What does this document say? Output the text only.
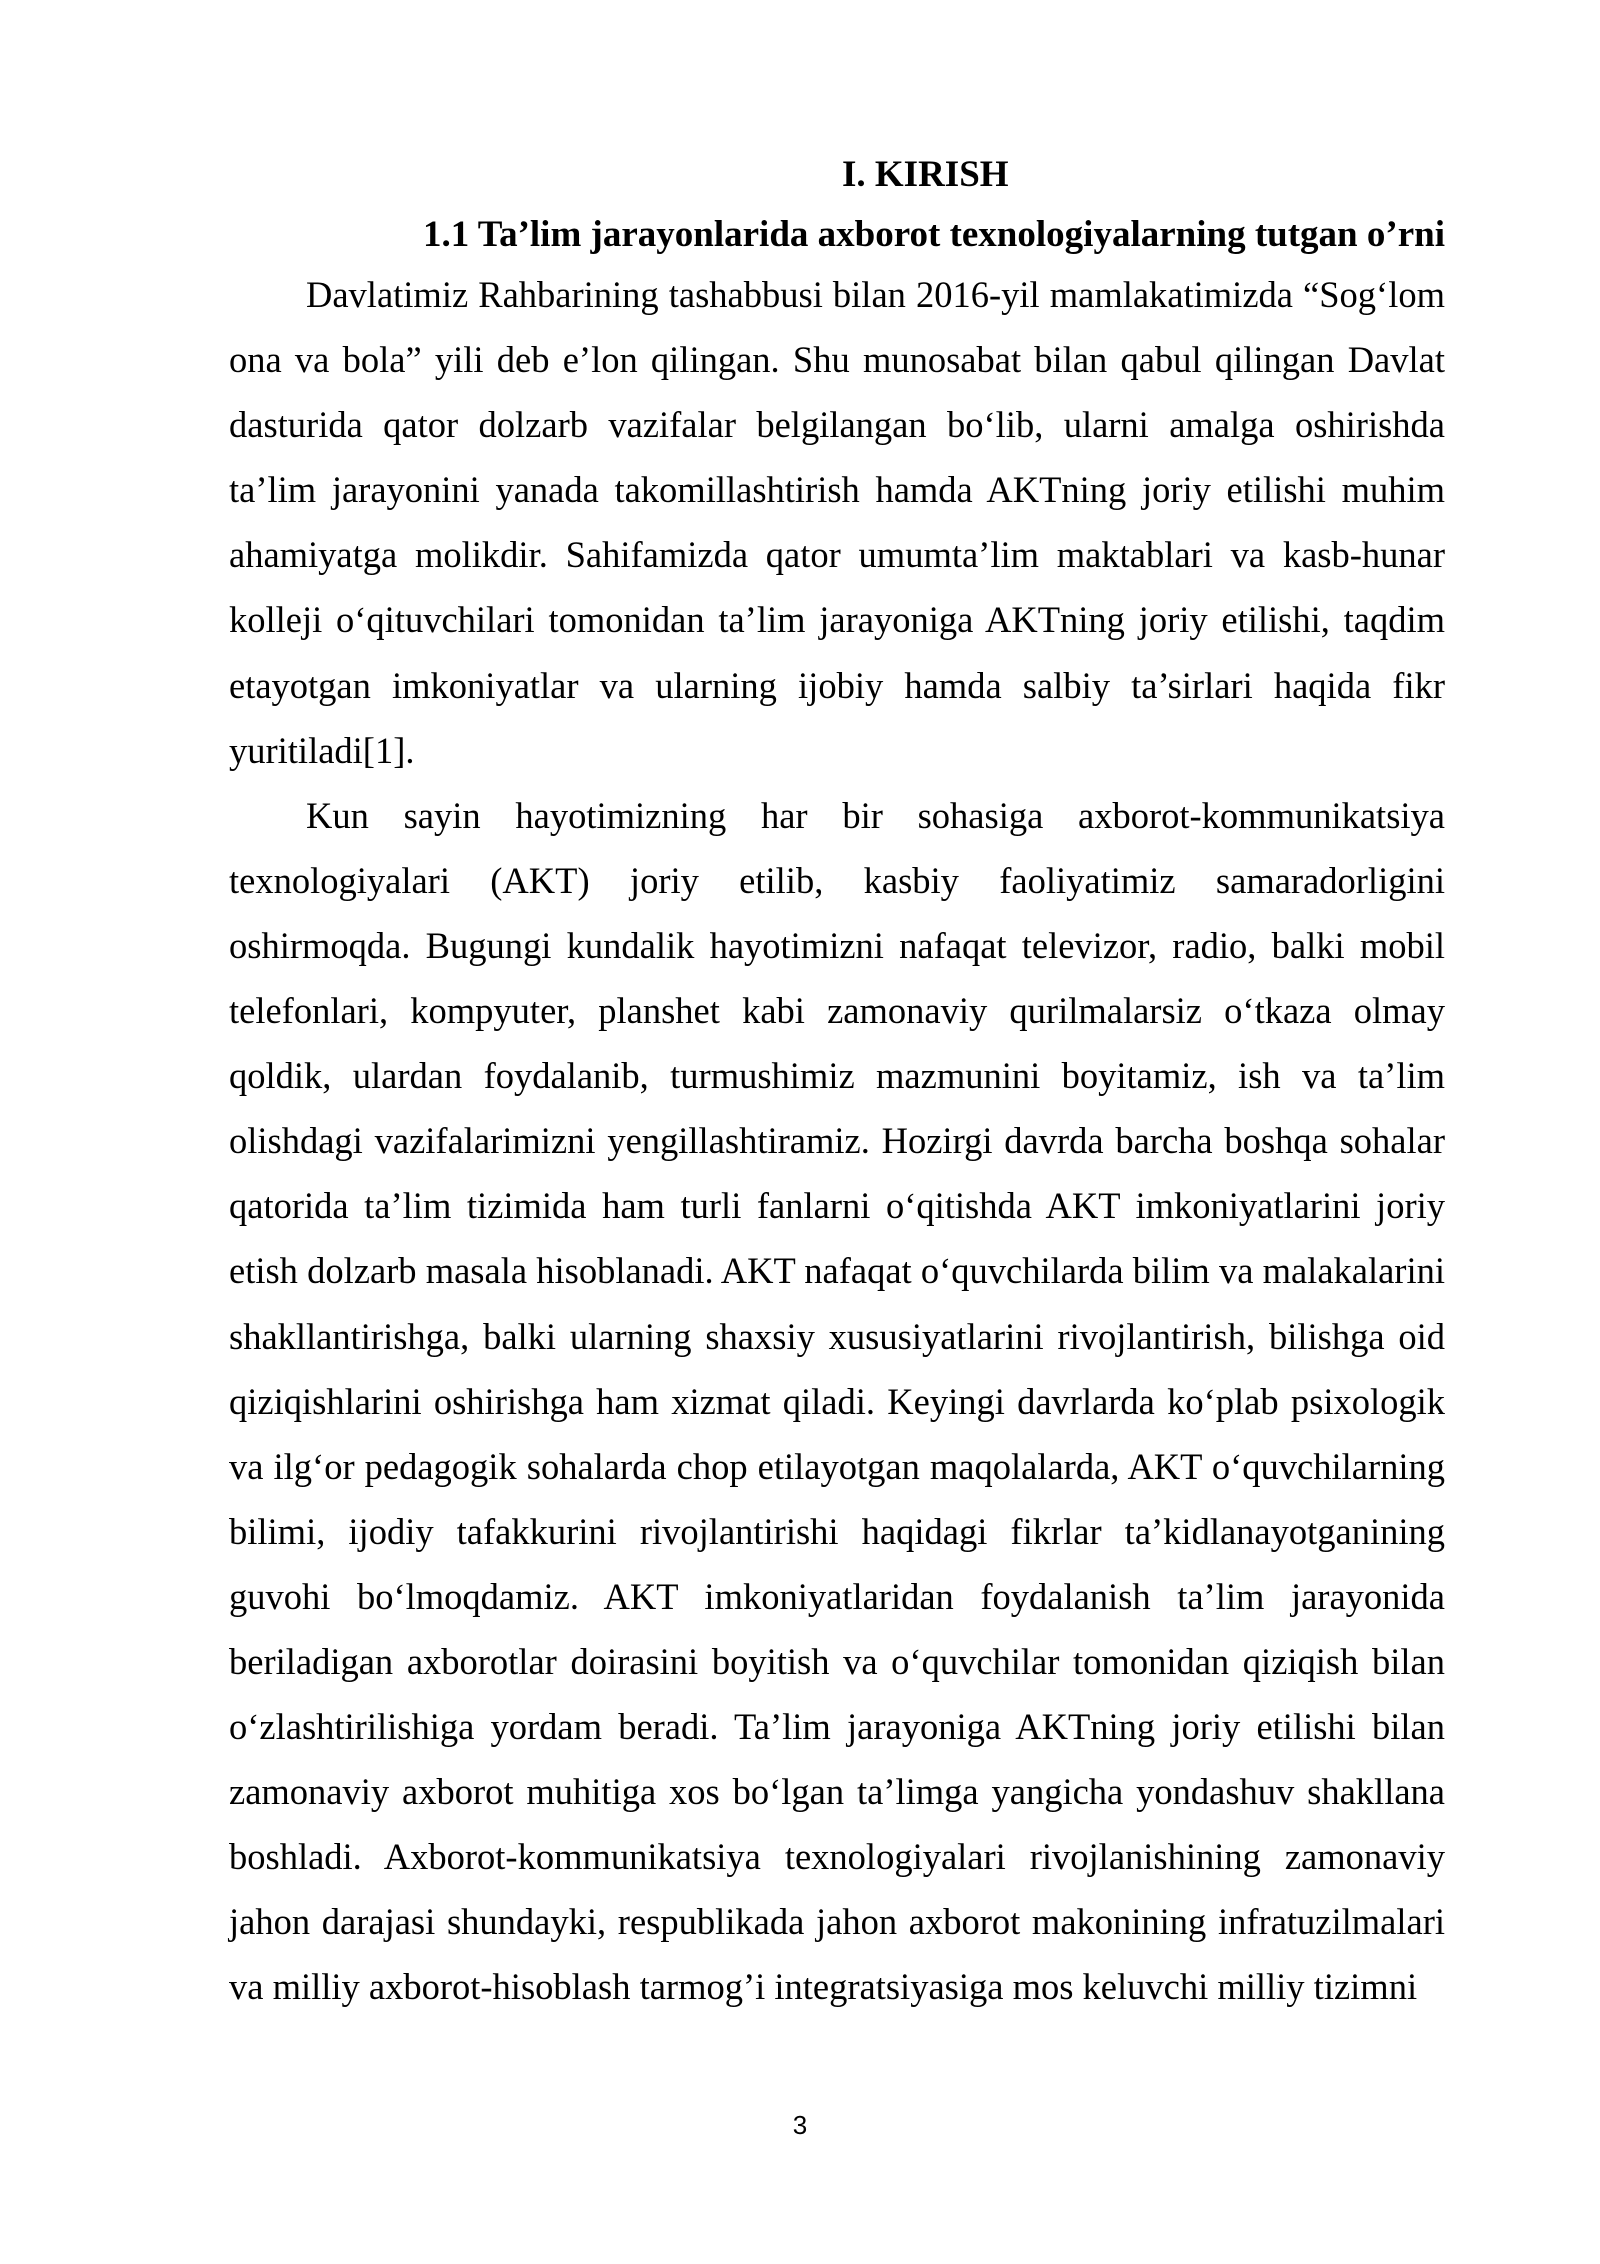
I. KIRISH
1.1 Ta’lim jarayonlarida axborot texnologiyalarning tutgan o’rni

Davlatimiz Rahbarining tashabbusi bilan 2016-yil mamlakatimizda “Sog‘lom ona va bola” yili deb e’lon qilingan. Shu munosabat bilan qabul qilingan Davlat dasturida qator dolzarb vazifalar belgilangan bo‘lib, ularni amalga oshirishda ta’lim jarayonini yanada takomillashtirish hamda AKTning joriy etilishi muhim ahamiyatga molikdir. Sahifamizda qator umumta’lim maktablari va kasb-hunar kolleji o‘qituvchilari tomonidan ta’lim jarayoniga AKTning joriy etilishi, taqdim etayotgan imkoniyatlar va ularning ijobiy hamda salbiy ta’sirlari haqida fikr yuritiladi[1].

Kun sayin hayotimizning har bir sohasiga axborot-kommunikatsiya texnologiyalari (AKT) joriy etilib, kasbiy faoliyatimiz samaradorligini oshirmoqda. Bugungi kundalik hayotimizni nafaqat televizor, radio, balki mobil telefonlari, kompyuter, planshet kabi zamonaviy qurilmalarsiz o‘tkaza olmay qoldik, ulardan foydalanib, turmushimiz mazmunini boyitamiz, ish va ta’lim olishdagi vazifalarimizni yengillashtiramiz. Hozirgi davrda barcha boshqa sohalar qatorida ta’lim tizimida ham turli fanlarni o‘qitishda AKT imkoniyatlarini joriy etish dolzarb masala hisoblanadi. AKT nafaqat o‘quvchilarda bilim va malakalarini shakllantirishga, balki ularning shaxsiy xususiyatlarini rivojlantirish, bilishga oid qiziqishlarini oshirishga ham xizmat qiladi. Keyingi davrlarda ko‘plab psixologik va ilg‘or pedagogik sohalarda chop etilayotgan maqolalarda, AKT o‘quvchilarning bilimi, ijodiy tafakkurini rivojlantirishi haqidagi fikrlar ta’kidlanayotganining guvohi bo‘lmoqdamiz. AKT imkoniyatlaridan foydalanish ta’lim jarayonida beriladigan axborotlar doirasini boyitish va o‘quvchilar tomonidan qiziqish bilan o‘zlashtirilishiga yordam beradi. Ta’lim jarayoniga AKTning joriy etilishi bilan zamonaviy axborot muhitiga xos bo‘lgan ta’limga yangicha yondashuv shakllana boshladi. Axborot-kommunikatsiya texnologiyalari rivojlanishining zamonaviy jahon darajasi shundayki, respublikada jahon axborot makonining infratuzilmalari va milliy axborot-hisoblash tarmog’i integratsiyasiga mos keluvchi milliy tizimni

3
